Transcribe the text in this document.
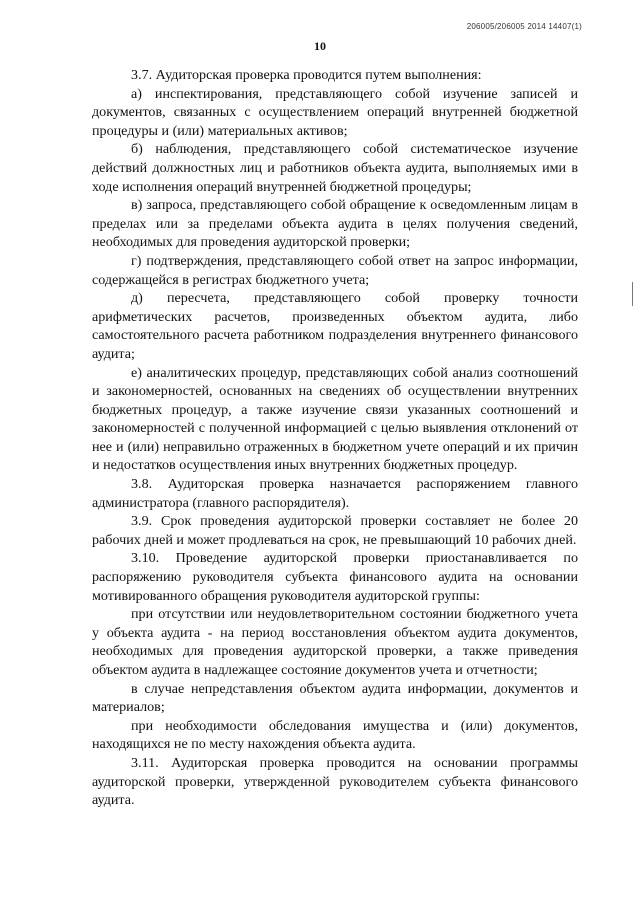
206005/206005 2014 14407(1)
10

3.7. Аудиторская проверка проводится путем выполнения:

а) инспектирования, представляющего собой изучение записей и документов, связанных с осуществлением операций внутренней бюджетной процедуры и (или) материальных активов;

б) наблюдения, представляющего собой систематическое изучение действий должностных лиц и работников объекта аудита, выполняемых ими в ходе исполнения операций внутренней бюджетной процедуры;

в) запроса, представляющего собой обращение к осведомленным лицам в пределах или за пределами объекта аудита в целях получения сведений, необходимых для проведения аудиторской проверки;

г) подтверждения, представляющего собой ответ на запрос информации, содержащейся в регистрах бюджетного учета;

д) пересчета, представляющего собой проверку точности арифметических расчетов, произведенных объектом аудита, либо самостоятельного расчета работником подразделения внутреннего финансового аудита;

е) аналитических процедур, представляющих собой анализ соотношений и закономерностей, основанных на сведениях об осуществлении внутренних бюджетных процедур, а также изучение связи указанных соотношений и закономерностей с полученной информацией с целью выявления отклонений от нее и (или) неправильно отраженных в бюджетном учете операций и их причин и недостатков осуществления иных внутренних бюджетных процедур.

3.8. Аудиторская проверка назначается распоряжением главного администратора (главного распорядителя).

3.9. Срок проведения аудиторской проверки составляет не более 20 рабочих дней и может продлеваться на срок, не превышающий 10 рабочих дней.

3.10. Проведение аудиторской проверки приостанавливается по распоряжению руководителя субъекта финансового аудита на основании мотивированного обращения руководителя аудиторской группы:

при отсутствии или неудовлетворительном состоянии бюджетного учета у объекта аудита - на период восстановления объектом аудита документов, необходимых для проведения аудиторской проверки, а также приведения объектом аудита в надлежащее состояние документов учета и отчетности;

в случае непредставления объектом аудита информации, документов и материалов;

при необходимости обследования имущества и (или) документов, находящихся не по месту нахождения объекта аудита.

3.11. Аудиторская проверка проводится на основании программы аудиторской проверки, утвержденной руководителем субъекта финансового аудита.
